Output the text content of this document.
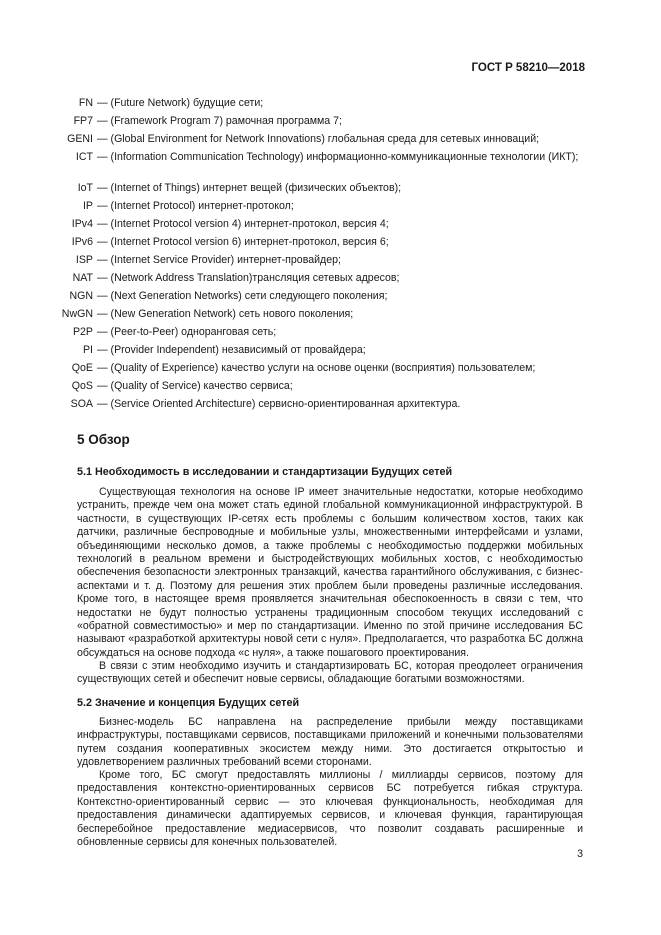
ГОСТ Р 58210—2018
FN — (Future Network) будущие сети;
FP7 — (Framework Program 7) рамочная программа 7;
GENI — (Global Environment for Network Innovations) глобальная среда для сетевых инноваций;
ICT — (Information Communication Technology) информационно-коммуникационные технологии (ИКТ);
IoT — (Internet of Things) интернет вещей (физических объектов);
IP — (Internet Protocol) интернет-протокол;
IPv4 — (Internet Protocol version 4) интернет-протокол, версия 4;
IPv6 — (Internet Protocol version 6) интернет-протокол, версия 6;
ISP — (Internet Service Provider) интернет-провайдер;
NAT — (Network Address Translation)трансляция сетевых адресов;
NGN — (Next Generation Networks) сети следующего поколения;
NwGN — (New Generation Network) сеть нового поколения;
P2P — (Peer-to-Peer) одноранговая сеть;
PI — (Provider Independent) независимый от провайдера;
QoE — (Quality of Experience) качество услуги на основе оценки (восприятия) пользователем;
QoS — (Quality of Service) качество сервиса;
SOA — (Service Oriented Architecture) сервисно-ориентированная архитектура.
5 Обзор
5.1 Необходимость в исследовании и стандартизации Будущих сетей
Существующая технология на основе IP имеет значительные недостатки, которые необходимо устранить, прежде чем она может стать единой глобальной коммуникационной инфраструктурой. В частности, в существующих IP-сетях есть проблемы с большим количеством хостов, таких как датчики, различные беспроводные и мобильные узлы, множественными интерфейсами и узлами, объединяющими несколько домов, а также проблемы с необходимостью поддержки мобильных технологий в реальном времени и быстродействующих мобильных хостов, с необходимостью обеспечения безопасности электронных транзакций, качества гарантийного обслуживания, с бизнес-аспектами и т. д. Поэтому для решения этих проблем были проведены различные исследования. Кроме того, в настоящее время проявляется значительная обеспокоенность в связи с тем, что недостатки не будут полностью устранены традиционным способом текущих исследований с «обратной совместимостью» и мер по стандартизации. Именно по этой причине исследования БС называют «разработкой архитектуры новой сети с нуля». Предполагается, что разработка БС должна обсуждаться на основе подхода «с нуля», а также пошагового проектирования.
В связи с этим необходимо изучить и стандартизировать БС, которая преодолеет ограничения существующих сетей и обеспечит новые сервисы, обладающие богатыми возможностями.
5.2 Значение и концепция Будущих сетей
Бизнес-модель БС направлена на распределение прибыли между поставщиками инфраструктуры, поставщиками сервисов, поставщиками приложений и конечными пользователями путем создания кооперативных экосистем между ними. Это достигается открытостью и удовлетворением различных требований всеми сторонами.
Кроме того, БС смогут предоставлять миллионы / миллиарды сервисов, поэтому для предоставления контекстно-ориентированных сервисов БС потребуется гибкая структура. Контекстно-ориентированный сервис — это ключевая функциональность, необходимая для предоставления динамически адаптируемых сервисов, и ключевая функция, гарантирующая бесперебойное предоставление медиасервисов, что позволит создавать расширенные и обновленные сервисы для конечных пользователей.
3
